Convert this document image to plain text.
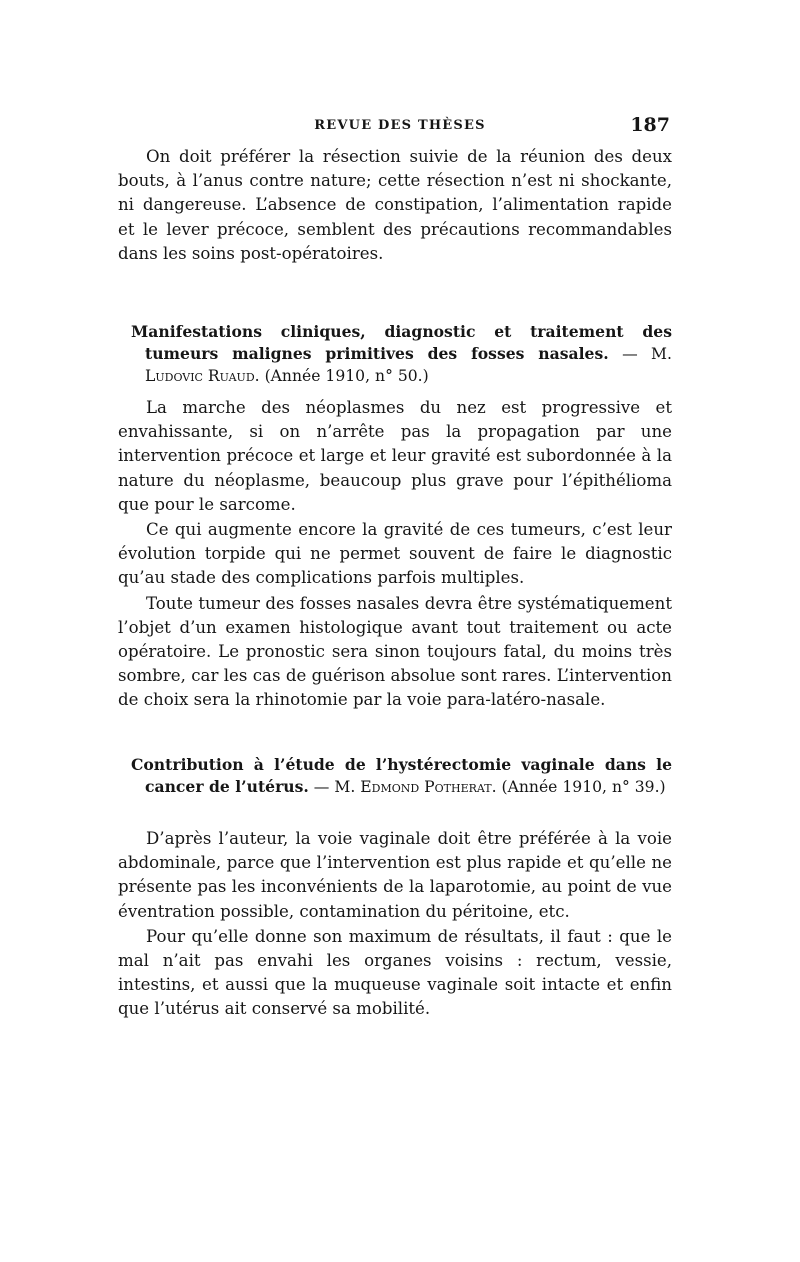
REVUE DES THÈSES	187

On doit préférer la résection suivie de la réunion des deux bouts, à l’anus contre nature; cette résection n’est ni shockante, ni dangereuse. L’absence de constipation, l’alimentation rapide et le lever précoce, semblent des précautions recommandables dans les soins post-opératoires.

Manifestations cliniques, diagnostic et traitement des tumeurs malignes primitives des fosses nasales. — M. Ludovic Ruaud. (Année 1910, n° 50.)

La marche des néoplasmes du nez est progressive et envahissante, si on n’arrête pas la propagation par une intervention précoce et large et leur gravité est subordonnée à la nature du néoplasme, beaucoup plus grave pour l’épithélioma que pour le sarcome.

Ce qui augmente encore la gravité de ces tumeurs, c’est leur évolution torpide qui ne permet souvent de faire le diagnostic qu’au stade des complications parfois multiples.

Toute tumeur des fosses nasales devra être systématiquement l’objet d’un examen histologique avant tout traitement ou acte opératoire. Le pronostic sera sinon toujours fatal, du moins très sombre, car les cas de guérison absolue sont rares. L’intervention de choix sera la rhinotomie par la voie para-latéro-nasale.

Contribution à l’étude de l’hystérectomie vaginale dans le cancer de l’utérus. — M. Edmond Potherat. (Année 1910, n° 39.)

D’après l’auteur, la voie vaginale doit être préférée à la voie abdominale, parce que l’intervention est plus rapide et qu’elle ne présente pas les inconvénients de la laparotomie, au point de vue éventration possible, contamination du péritoine, etc.

Pour qu’elle donne son maximum de résultats, il faut : que le mal n’ait pas envahi les organes voisins : rectum, vessie, intestins, et aussi que la muqueuse vaginale soit intacte et enfin que l’utérus ait conservé sa mobilité.
